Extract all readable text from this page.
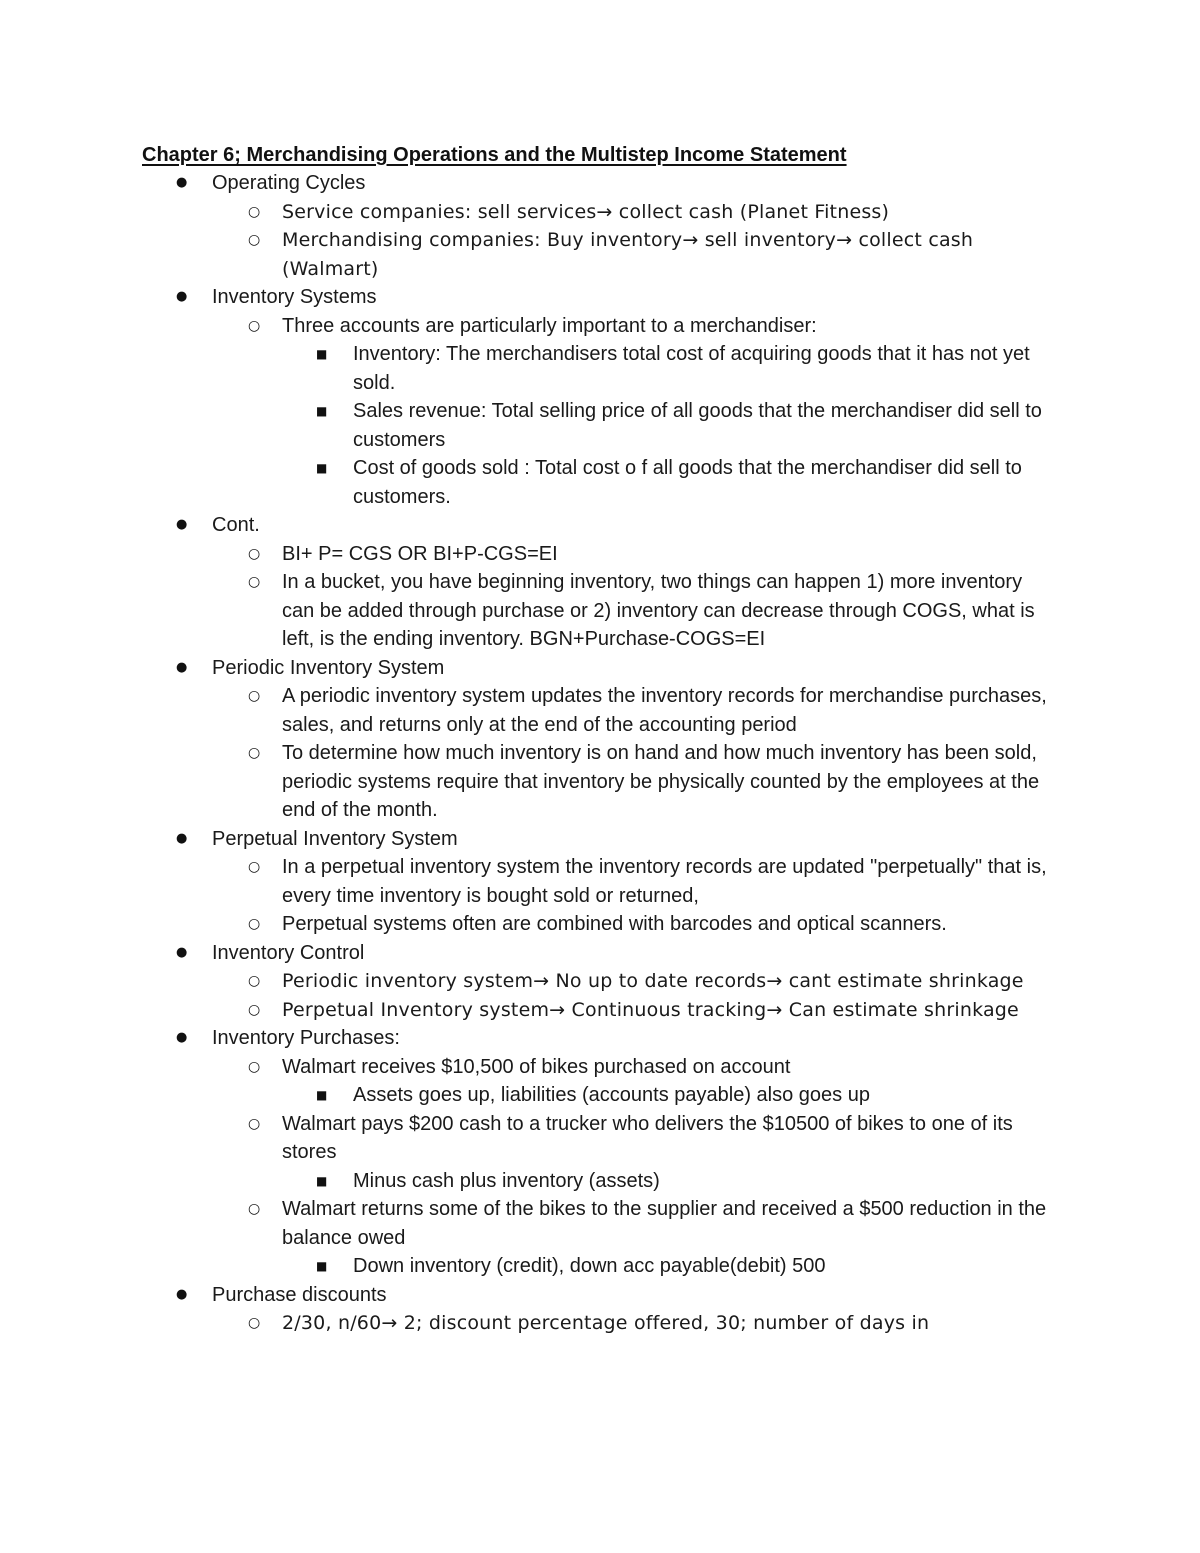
Chapter 6; Merchandising Operations and the Multistep Income Statement
● Operating Cycles
○ Service companies: sell services→ collect cash (Planet Fitness)
○ Merchandising companies: Buy inventory→ sell inventory→ collect cash (Walmart)
● Inventory Systems
○ Three accounts are particularly important to a merchandiser:
■ Inventory: The merchandisers total cost of acquiring goods that it has not yet sold.
■ Sales revenue: Total selling price of all goods that the merchandiser did sell to customers
■ Cost of goods sold : Total cost o f all goods that the merchandiser did sell to customers.
● Cont.
○ BI+ P= CGS OR BI+P-CGS=EI
○ In a bucket, you have beginning inventory, two things can happen 1) more inventory can be added through purchase or 2) inventory can decrease through COGS, what is left, is the ending inventory. BGN+Purchase-COGS=EI
● Periodic Inventory System
○ A periodic inventory system updates the inventory records for merchandise purchases, sales, and returns only at the end of the accounting period
○ To determine how much inventory is on hand and how much inventory has been sold, periodic systems require that inventory be physically counted by the employees at the end of the month.
● Perpetual Inventory System
○ In a perpetual inventory system the inventory records are updated "perpetually" that is, every time inventory is bought sold or returned,
○ Perpetual systems often are combined with barcodes and optical scanners.
● Inventory Control
○ Periodic inventory system→ No up to date records→ cant estimate shrinkage
○ Perpetual Inventory system→ Continuous tracking→ Can estimate shrinkage
● Inventory Purchases:
○ Walmart receives $10,500 of bikes purchased on account
■ Assets goes up, liabilities (accounts payable) also goes up
○ Walmart pays $200 cash to a trucker who delivers the $10500 of bikes to one of its stores
■ Minus cash plus inventory (assets)
○ Walmart returns some of the bikes to the supplier and received a $500 reduction in the balance owed
■ Down inventory (credit), down acc payable(debit) 500
● Purchase discounts
○ 2/30, n/60→ 2; discount percentage offered, 30; number of days in
